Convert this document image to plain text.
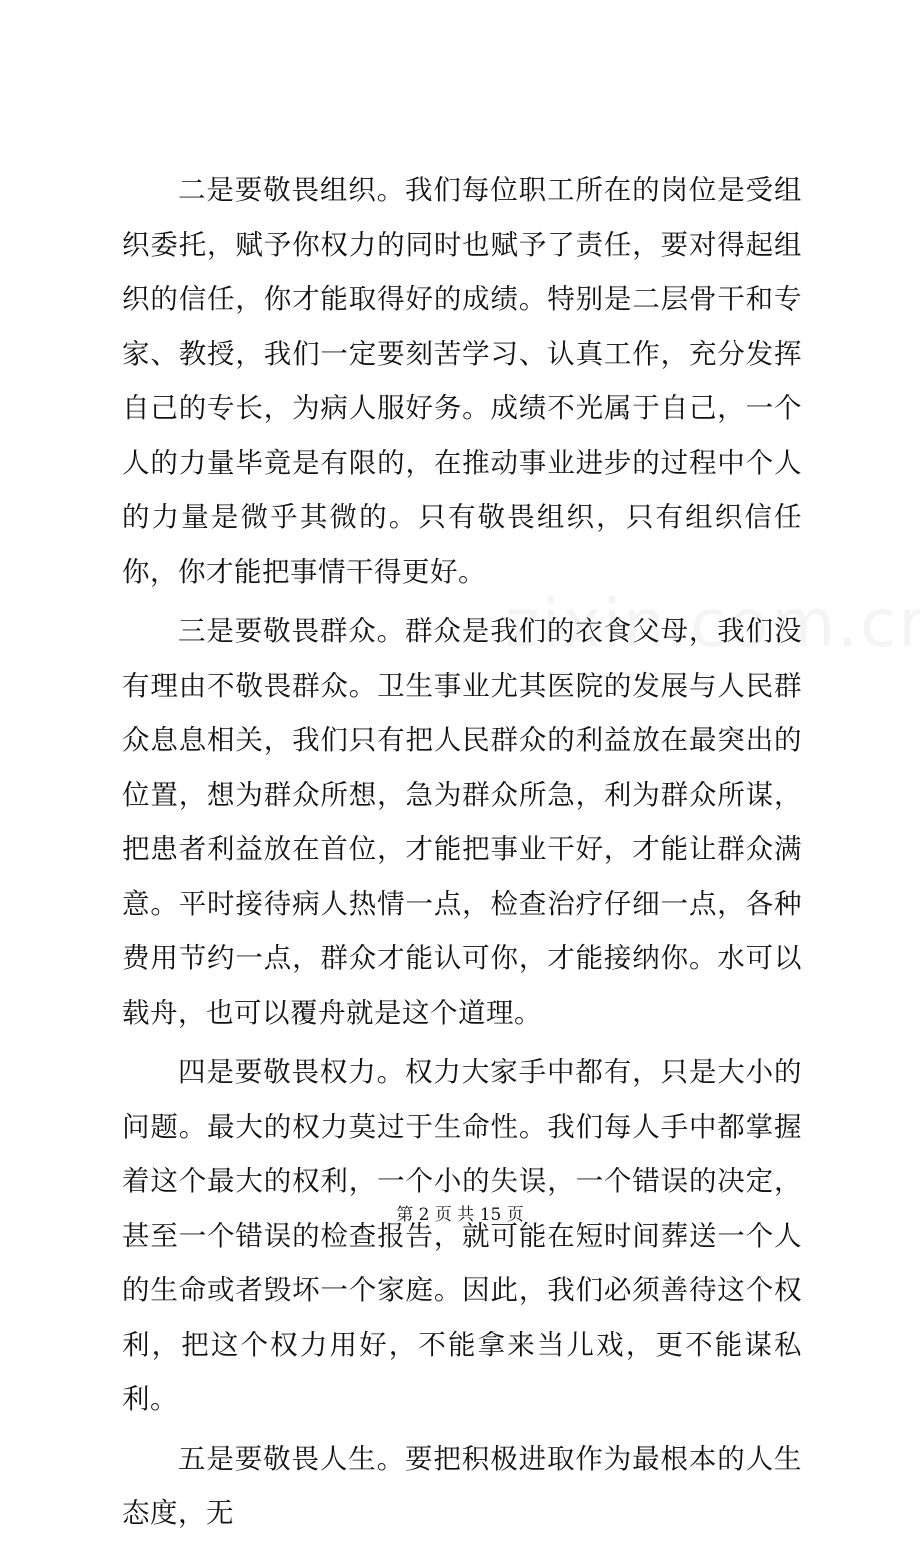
二是要敬畏组织。我们每位职工所在的岗位是受组织委托，赋予你权力的同时也赋予了责任，要对得起组织的信任，你才能取得好的成绩。特别是二层骨干和专家、教授，我们一定要刻苦学习、认真工作，充分发挥自己的专长，为病人服好务。成绩不光属于自己，一个人的力量毕竟是有限的，在推动事业进步的过程中个人的力量是微乎其微的。只有敬畏组织，只有组织信任你，你才能把事情干得更好。

三是要敬畏群众。群众是我们的衣食父母，我们没有理由不敬畏群众。卫生事业尤其医院的发展与人民群众息息相关，我们只有把人民群众的利益放在最突出的位置，想为群众所想，急为群众所急，利为群众所谋，把患者利益放在首位，才能把事业干好，才能让群众满意。平时接待病人热情一点，检查治疗仔细一点，各种费用节约一点，群众才能认可你，才能接纳你。水可以载舟，也可以覆舟就是这个道理。

四是要敬畏权力。权力大家手中都有，只是大小的问题。最大的权力莫过于生命性。我们每人手中都掌握着这个最大的权利，一个小的失误，一个错误的决定，甚至一个错误的检查报告，就可能在短时间葬送一个人的生命或者毁坏一个家庭。因此，我们必须善待这个权利，把这个权力用好，不能拿来当儿戏，更不能谋私利。

五是要敬畏人生。要把积极进取作为最根本的人生态度，无

第 2 页 共 15 页
